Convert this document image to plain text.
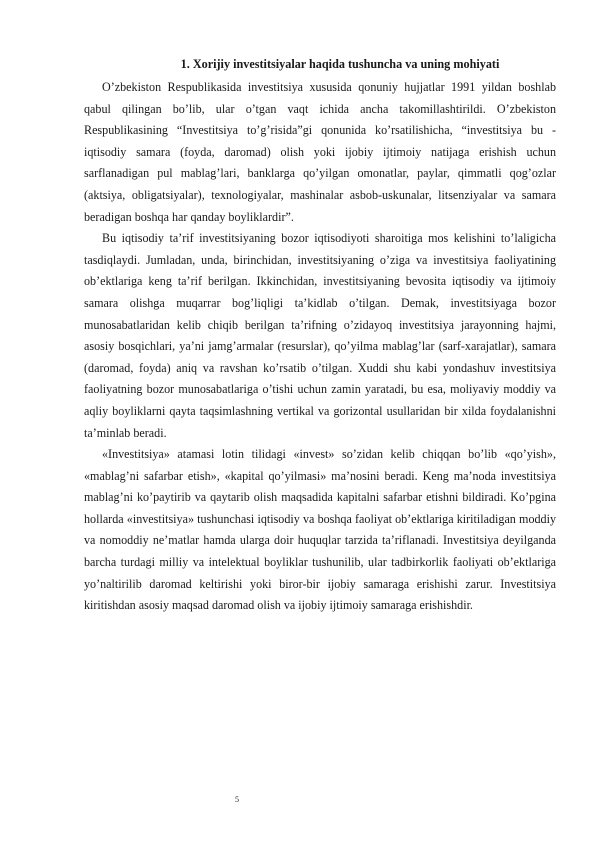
1. Xorijiy investitsiyalar haqida tushuncha va uning mohiyati

O’zbekiston Respublikasida investitsiya xususida qonuniy hujjatlar 1991 yildan boshlab qabul qilingan bo’lib, ular o’tgan vaqt ichida ancha takomillashtirildi. O’zbekiston Respublikasining “Investitsiya to’g’risida”gi qonunida ko’rsatilishicha, “investitsiya bu - iqtisodiy samara (foyda, daromad) olish yoki ijobiy ijtimoiy natijaga erishish uchun sarflanadigan pul mablag’lari, banklarga qo’yilgan omonatlar, paylar, qimmatli qog’ozlar (aktsiya, obligatsiyalar), texnologiyalar, mashinalar asbob-uskunalar, litsenziyalar va samara beradigan boshqa har qanday boyliklardir”.

Bu iqtisodiy ta’rif investitsiyaning bozor iqtisodiyoti sharoitiga mos kelishini to’laligicha tasdiqlaydi. Jumladan, unda, birinchidan, investitsiyaning o’ziga va investitsiya faoliyatining ob’ektlariga keng ta’rif berilgan. Ikkinchidan, investitsiyaning bevosita iqtisodiy va ijtimoiy samara olishga muqarrar bog’liqligi ta’kidlab o’tilgan. Demak, investitsiyaga bozor munosabatlaridan kelib chiqib berilgan ta’rifning o’zidayoq investitsiya jarayonning hajmi, asosiy bosqichlari, ya’ni jamg’armalar (resurslar), qo’yilma mablag’lar (sarf-xarajatlar), samara (daromad, foyda) aniq va ravshan ko’rsatib o’tilgan. Xuddi shu kabi yondashuv investitsiya faoliyatning bozor munosabatlariga o’tishi uchun zamin yaratadi, bu esa, moliyaviy moddiy va aqliy boyliklarni qayta taqsimlashning vertikal va gorizontal usullaridan bir xilda foydalanishni ta’minlab beradi.

«Investitsiya» atamasi lotin tilidagi «invest» so’zidan kelib chiqqan bo’lib «qo’yish», «mablag’ni safarbar etish», «kapital qo’yilmasi» ma’nosini beradi. Keng ma’noda investitsiya mablag’ni ko’paytirib va qaytarib olish maqsadida kapitalni safarbar etishni bildiradi. Ko’pgina hollarda «investitsiya» tushunchasi iqtisodiy va boshqa faoliyat ob’ektlariga kiritiladigan moddiy va nomoddiy ne’matlar hamda ularga doir huquqlar tarzida ta’riflanadi. Investitsiya deyilganda barcha turdagi milliy va intelektual boyliklar tushunilib, ular tadbirkorlik faoliyati ob’ektlariga yo’naltirilib daromad keltirishi yoki biror-bir ijobiy samaraga erishishi zarur. Investitsiya kiritishdan asosiy maqsad daromad olish va ijobiy ijtimoiy samaraga erishishdir.

5
